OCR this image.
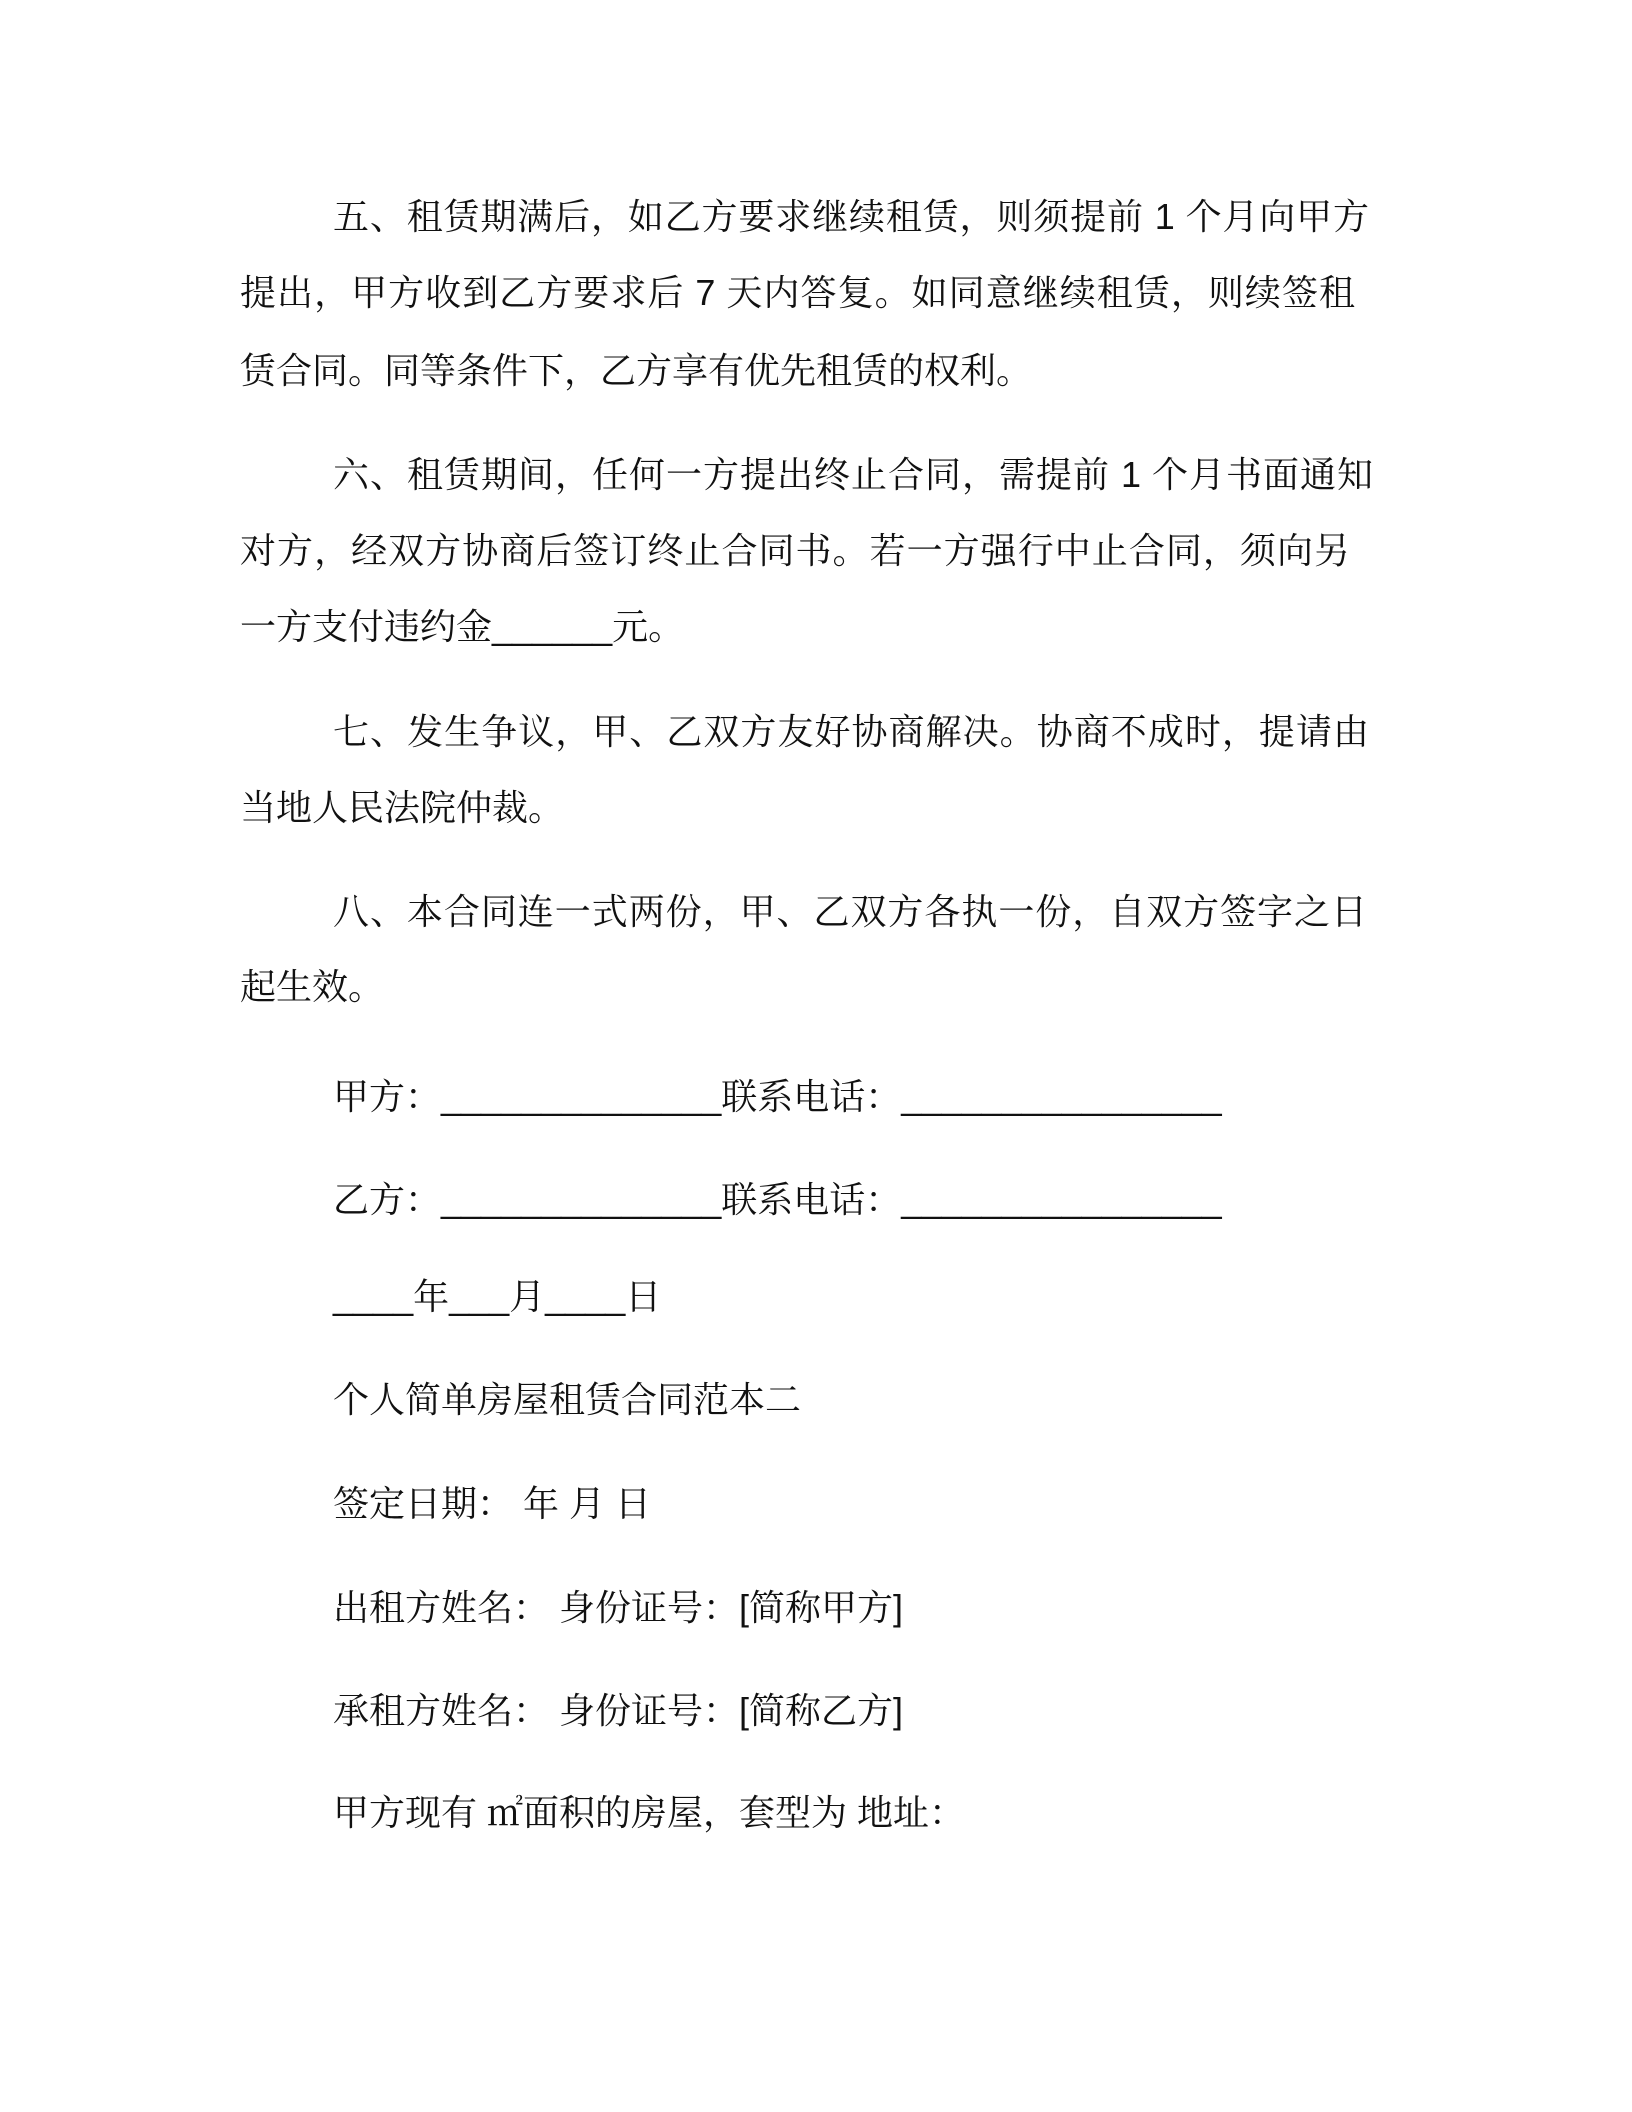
五、租赁期满后，如乙方要求继续租赁，则须提前 1 个月向甲方
提出，甲方收到乙方要求后 7 天内答复。如同意继续租赁，则续签租
赁合同。同等条件下，乙方享有优先租赁的权利。
六、租赁期间，任何一方提出终止合同，需提前 1 个月书面通知
对方，经双方协商后签订终止合同书。若一方强行中止合同，须向另
一方支付违约金______元。
七、发生争议，甲、乙双方友好协商解决。协商不成时，提请由
当地人民法院仲裁。
八、本合同连一式两份，甲、乙双方各执一份，自双方签字之日
起生效。
甲方：______________联系电话：________________
乙方：______________联系电话：________________
____年___月____日
个人简单房屋租赁合同范本二
签定日期： 年 月 日
出租方姓名： 身份证号：[简称甲方]
承租方姓名： 身份证号：[简称乙方]
甲方现有 ㎡面积的房屋，套型为 地址：
